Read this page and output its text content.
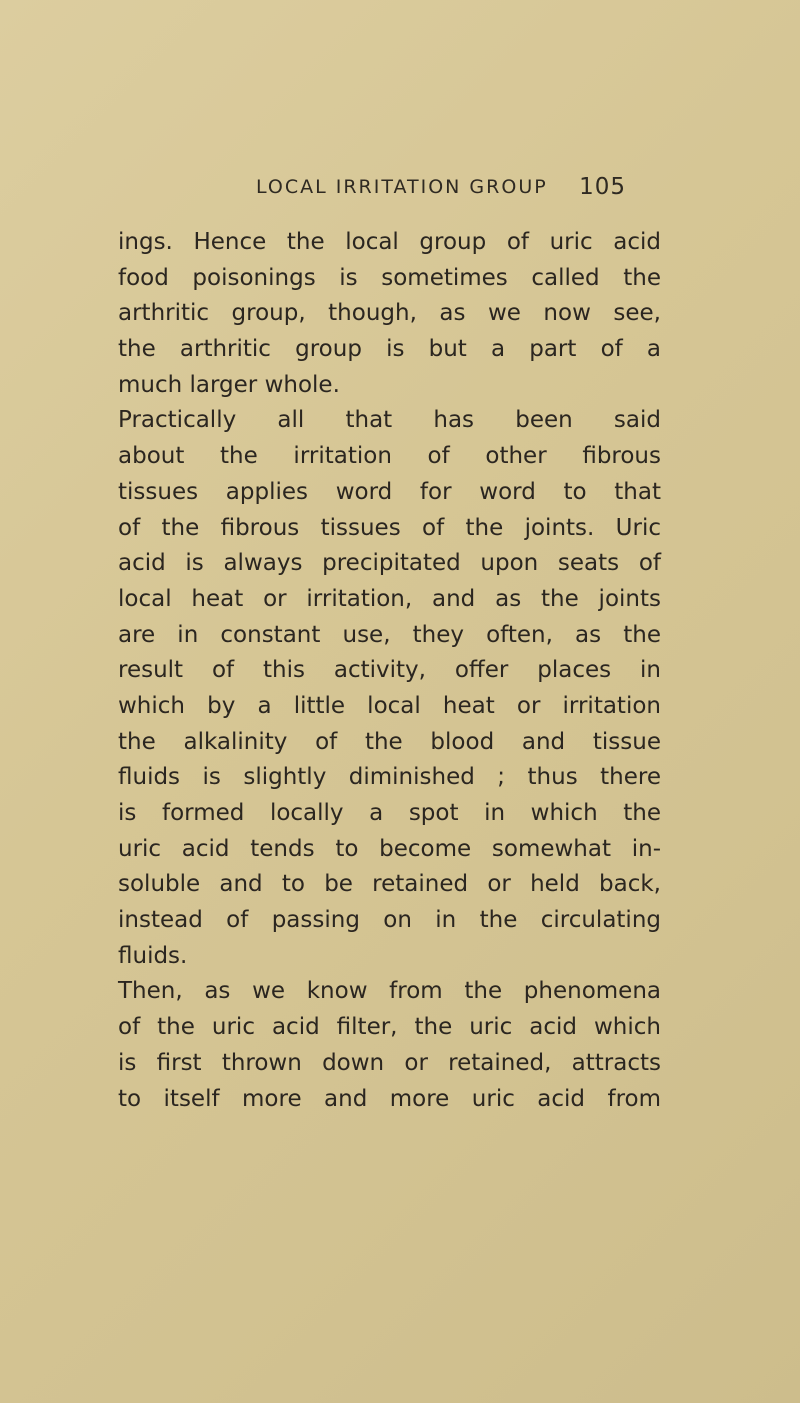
LOCAL IRRITATION GROUP 105
ings. Hence the local group of uric acid
food poisonings is sometimes called the
arthritic group, though, as we now see,
the arthritic group is but a part of a
much larger whole.
Practically all that has been said
about the irritation of other fibrous
tissues applies word for word to that
of the fibrous tissues of the joints. Uric
acid is always precipitated upon seats of
local heat or irritation, and as the joints
are in constant use, they often, as the
result of this activity, offer places in
which by a little local heat or irritation
the alkalinity of the blood and tissue
fluids is slightly diminished ; thus there
is formed locally a spot in which the
uric acid tends to become somewhat in-
soluble and to be retained or held back,
instead of passing on in the circulating
fluids.
Then, as we know from the phenomena
of the uric acid filter, the uric acid which
is first thrown down or retained, attracts
to itself more and more uric acid from
